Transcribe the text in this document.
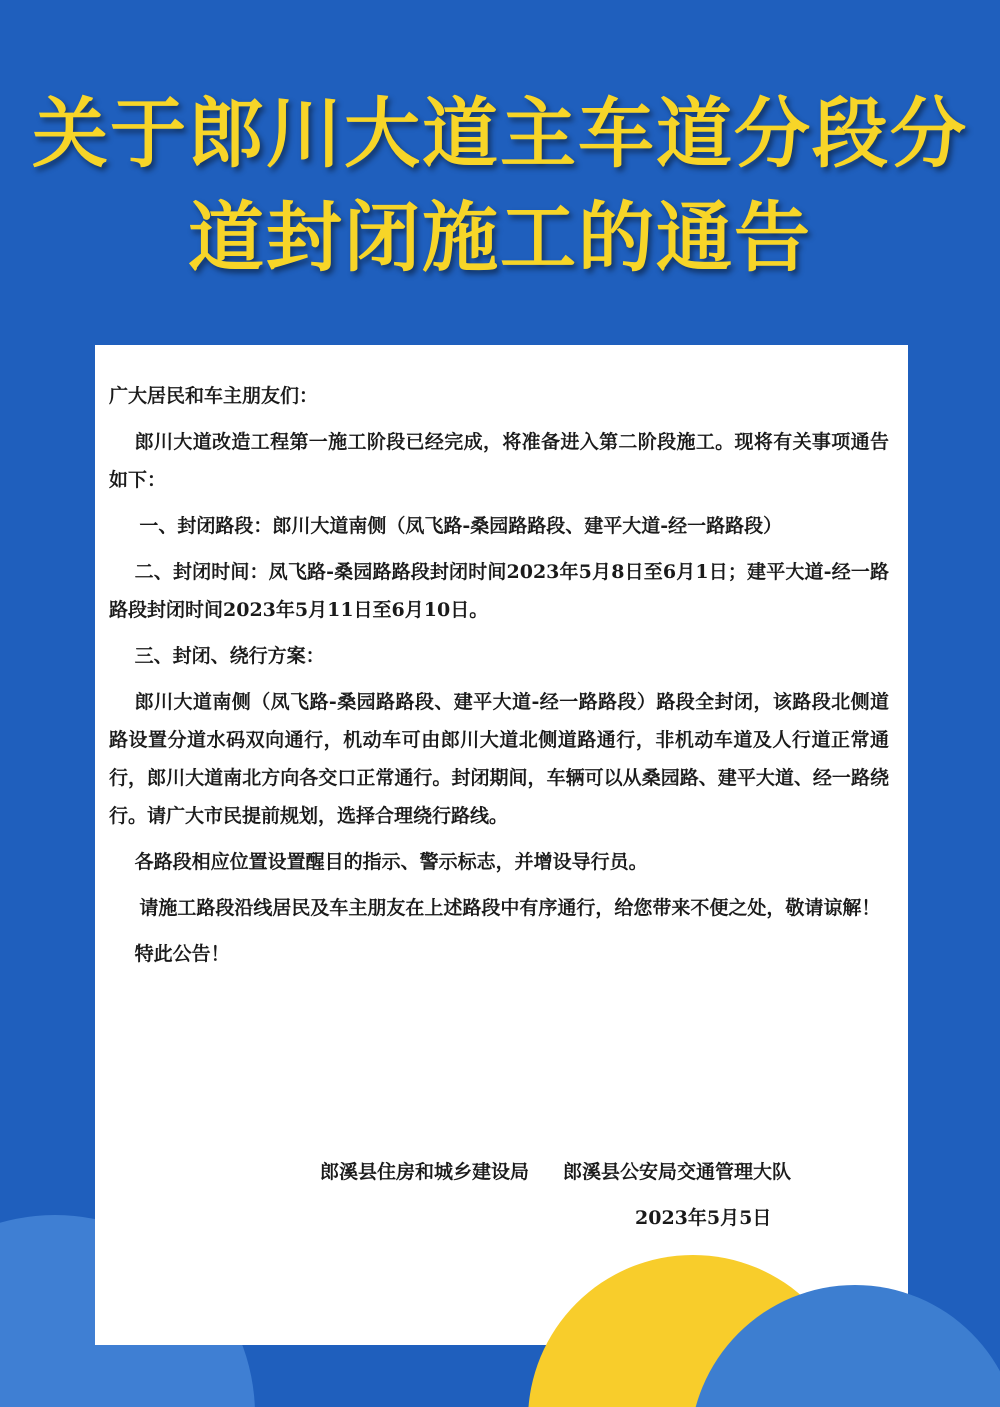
关于郎川大道主车道分段分
道封闭施工的通告

广大居民和车主朋友们：

郎川大道改造工程第一施工阶段已经完成，将准备进入第二阶段施工。现将有关事项通告如下：

一、封闭路段：郎川大道南侧（凤飞路-桑园路路段、建平大道-经一路路段）

二、封闭时间：凤飞路-桑园路路段封闭时间2023年5月8日至6月1日；建平大道-经一路路段封闭时间2023年5月11日至6月10日。

三、封闭、绕行方案：

郎川大道南侧（凤飞路-桑园路路段、建平大道-经一路路段）路段全封闭，该路段北侧道路设置分道水码双向通行，机动车可由郎川大道北侧道路通行，非机动车道及人行道正常通行，郎川大道南北方向各交口正常通行。封闭期间，车辆可以从桑园路、建平大道、经一路绕行。请广大市民提前规划，选择合理绕行路线。

各路段相应位置设置醒目的指示、警示标志，并增设导行员。

请施工路段沿线居民及车主朋友在上述路段中有序通行，给您带来不便之处，敬请谅解！

特此公告！

郎溪县住房和城乡建设局 郎溪县公安局交通管理大队
2023年5月5日
